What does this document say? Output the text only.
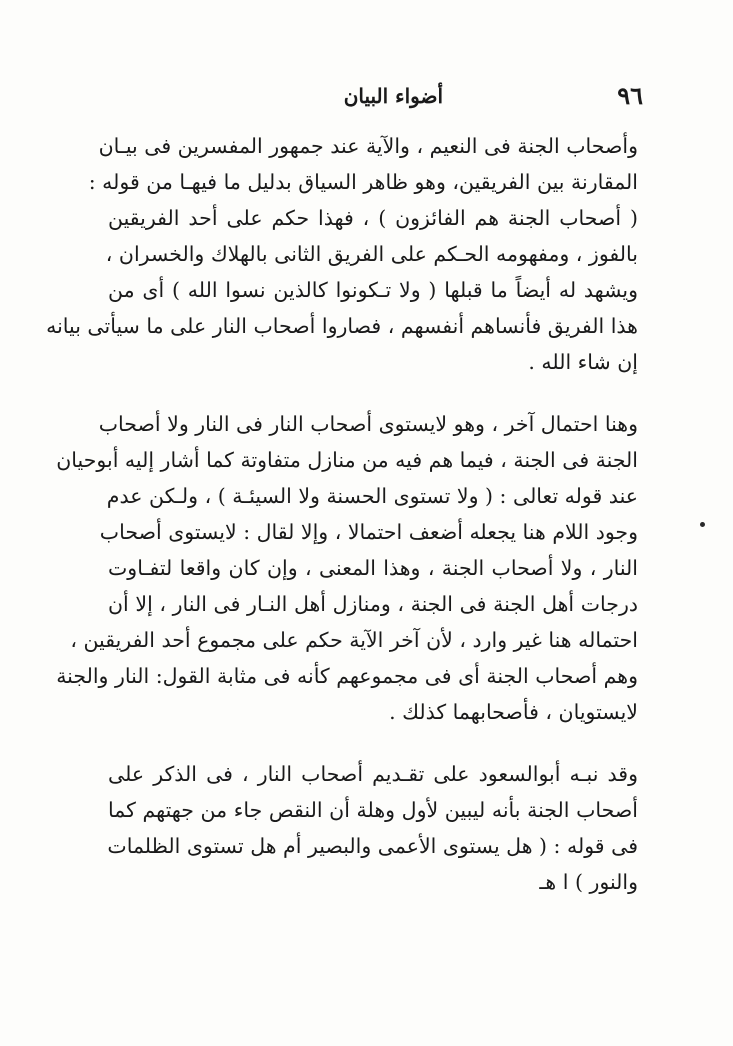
٩٦
أضواء البيان
وأصحاب الجنة فى النعيم ، والآية عند جمهور المفسرين فى بيـان
المقارنة بين الفريقين، وهو ظاهر السياق بدليل ما فيهـا من قوله :
( أصحاب الجنة هم الفائزون ) ، فهذا حكم على أحد الفريقين
بالفوز ، ومفهومه الحـكم على الفريق الثانى بالهلاك والخسران ،
ويشهد له أيضاً ما قبلها ( ولا تـكونوا كالذين نسوا الله ) أى من
هذا الفريق فأنساهم أنفسهم ، فصاروا أصحاب النار على ما سيأتى بيانه
إن شاء الله .
وهنا احتمال آخر ، وهو لايستوى أصحاب النار فى النار ولا أصحاب
الجنة فى الجنة ، فيما هم فيه من منازل متفاوتة كما أشار إليه أبوحيان
عند قوله تعالى : ( ولا تستوى الحسنة ولا السيئـة ) ، ولـكن عدم
وجود اللام هنا يجعله أضعف احتمالا ، وإلا لقال : لايستوى أصحاب
النار ، ولا أصحاب الجنة ، وهذا المعنى ، وإن كان واقعا لتفـاوت
درجات أهل الجنة فى الجنة ، ومنازل أهل النـار فى النار ، إلا أن
احتماله هنا غير وارد ، لأن آخر الآية حكم على مجموع أحد الفريقين ،
وهم أصحاب الجنة أى فى مجموعهم كأنه فى مثابة القول: النار والجنة
لايستويان ، فأصحابهما كذلك .
وقد نبـه أبوالسعود على تقـديم أصحاب النار ، فى الذكر على
أصحاب الجنة بأنه ليبين لأول وهلة أن النقص جاء من جهتهم كما
فى قوله : ( هل يستوى الأعمى والبصير أم هل تستوى الظلمات
والنور ) ا هـ
